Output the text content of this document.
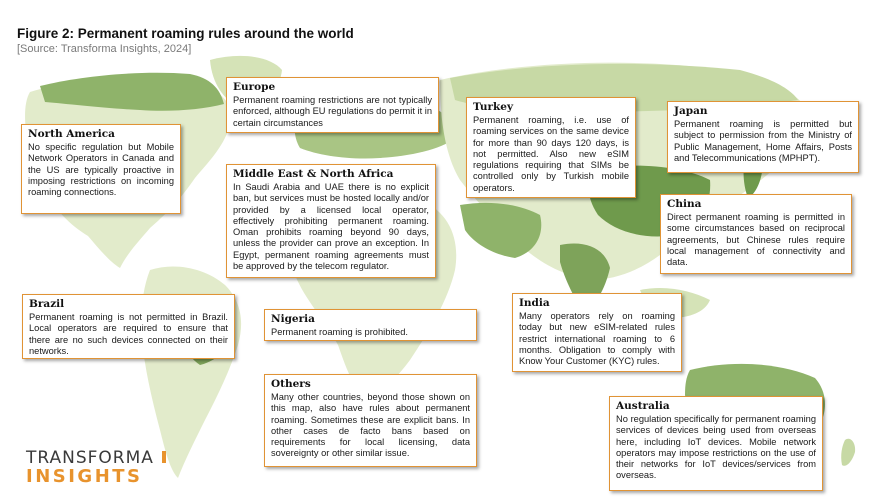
Figure 2: Permanent roaming rules around the world
[Source: Transforma Insights, 2024]
Europe
Permanent roaming restrictions are not typically enforced, although EU regulations do permit it in certain circumstances
Turkey
Permanent roaming, i.e. use of roaming services on the same device for more than 90 days 120 days, is not permitted. Also new eSIM regulations requiring that SIMs be controlled only by Turkish mobile operators.
Japan
Permanent roaming is permitted but subject to permission from the Ministry of Public Management, Home Affairs, Posts and Telecommunications (MPHPT).
North America
No specific regulation but Mobile Network Operators in Canada and the US are typically proactive in imposing restrictions on incoming roaming connections.
Middle East & North Africa
In Saudi Arabia and UAE there is no explicit ban, but services must be hosted locally and/or provided by a licensed local operator, effectively prohibiting permanent roaming. Oman prohibits roaming beyond 90 days, unless the provider can prove an exception. In Egypt, permanent roaming agreements must be approved by the telecom regulator.
China
Direct permanent roaming is permitted in some circumstances based on reciprocal agreements, but Chinese rules require local management of connectivity and data.
Brazil
Permanent roaming is not permitted in Brazil. Local operators are required to ensure that there are no such devices connected on their networks.
Nigeria
Permanent roaming is prohibited.
India
Many operators rely on roaming today but new eSIM-related rules restrict international roaming to 6 months. Obligation to comply with Know Your Customer (KYC) rules.
Others
Many other countries, beyond those shown on this map, also have rules about permanent roaming. Sometimes these are explicit bans. In other cases de facto bans based on requirements for local licensing, data sovereignty or other similar issue.
Australia
No regulation specifically for permanent roaming services of devices being used from overseas here, including IoT devices. Mobile network operators may impose restrictions on the use of their networks for IoT devices/services from overseas.
TRANSFORMA
INSIGHTS
